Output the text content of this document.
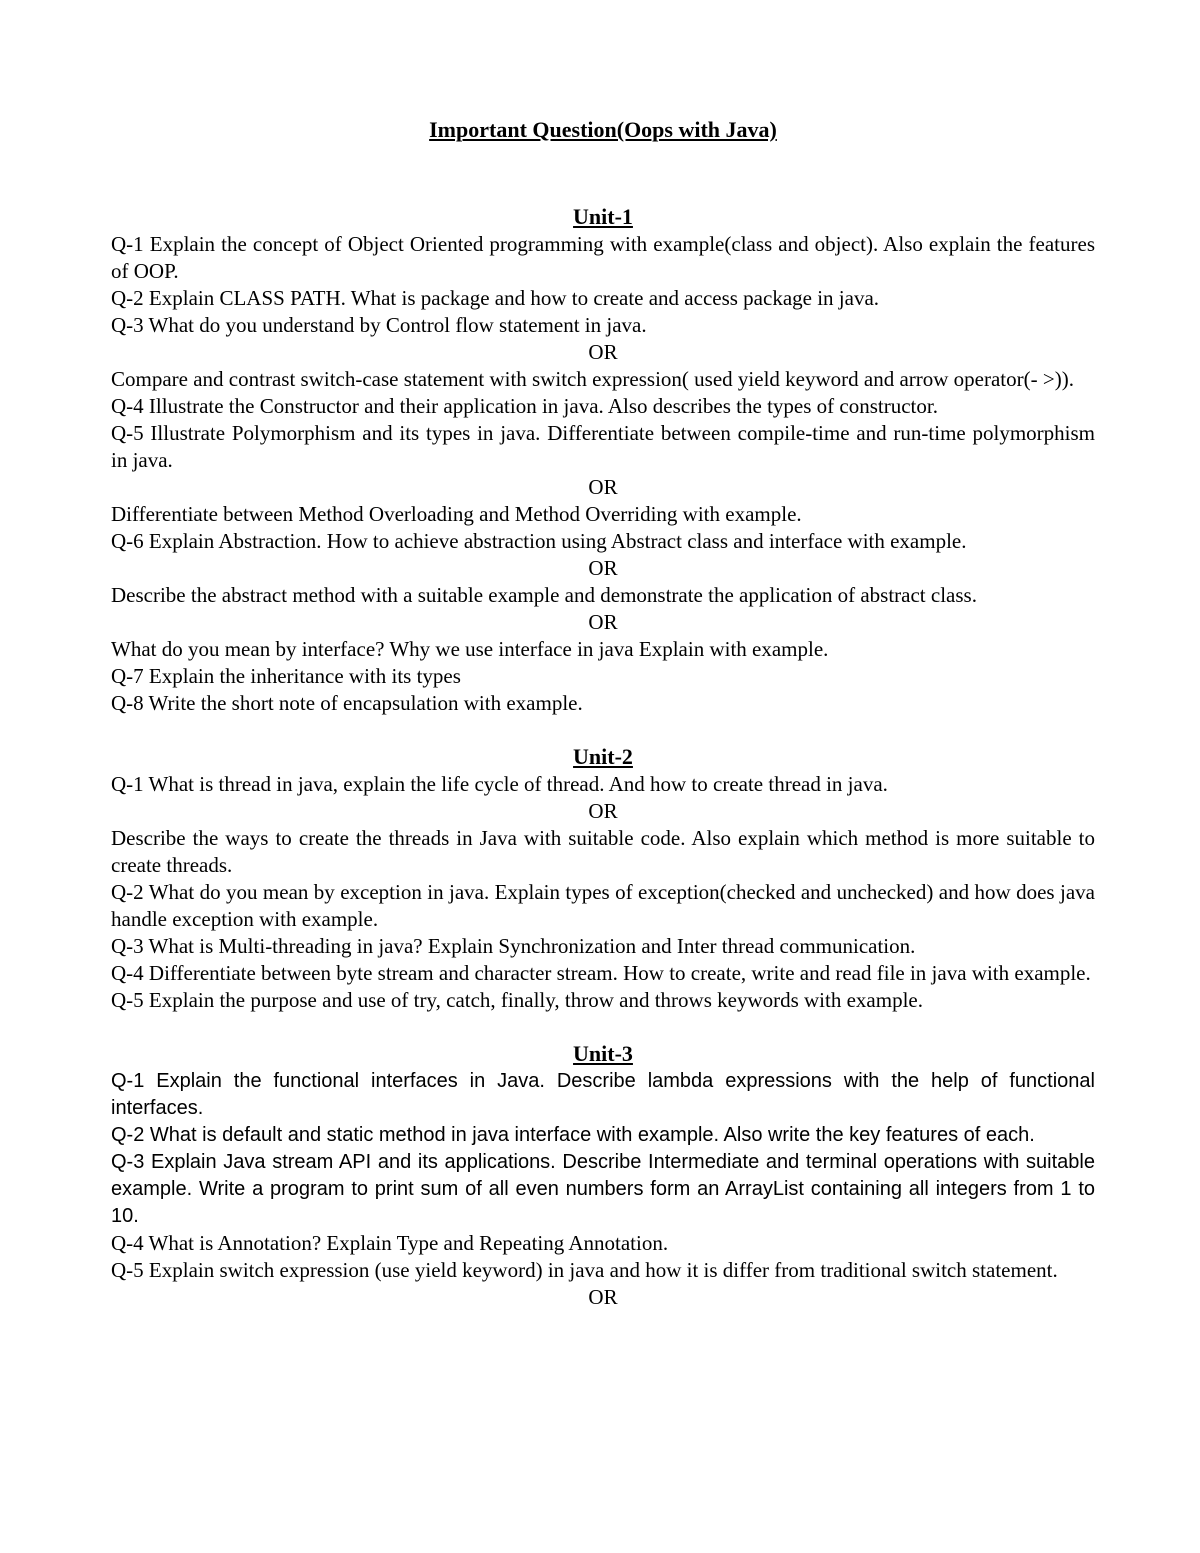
Important Question(Oops with Java)
Unit-1

Q-1 Explain the concept of Object Oriented programming with example(class and object). Also explain the features of OOP.

Q-2 Explain CLASS PATH. What is package and how to create and access package in java.

Q-3 What do you understand by Control flow statement in java.

OR

Compare and contrast switch-case statement with switch expression( used yield keyword and arrow operator(- >)).

Q-4 Illustrate the Constructor and their application in java. Also describes the types of constructor.

Q-5 Illustrate Polymorphism and its types in java. Differentiate between compile-time and run-time polymorphism in java.

OR

Differentiate between Method Overloading and Method Overriding with example.

Q-6 Explain Abstraction. How to achieve abstraction using Abstract class and interface with example.

OR

Describe the abstract method with a suitable example and demonstrate the application of abstract class.

OR

What do you mean by interface? Why we use interface in java Explain with example.

Q-7 Explain the inheritance with its types

Q-8 Write the short note of encapsulation with example.

Unit-2

Q-1 What is thread in java, explain the life cycle of thread. And how to create thread in java.

OR

Describe the ways to create the threads in Java with suitable code. Also explain which method is more suitable to create threads.

Q-2 What do you mean by exception in java. Explain types of exception(checked and unchecked) and how does java handle exception with example.

Q-3 What is Multi-threading in java? Explain Synchronization and Inter thread communication.

Q-4 Differentiate between byte stream and character stream. How to create, write and read file in java with example.

Q-5 Explain the purpose and use of try, catch, finally, throw and throws keywords with example.

Unit-3

Q-1 Explain the functional interfaces in Java. Describe lambda expressions with the help of functional interfaces.

Q-2 What is default and static method in java interface with example. Also write the key features of each.

Q-3 Explain Java stream API and its applications. Describe Intermediate and terminal operations with suitable example. Write a program to print sum of all even numbers form an ArrayList containing all integers from 1 to 10.

Q-4 What is Annotation? Explain Type and Repeating Annotation.

Q-5 Explain switch expression (use yield keyword) in java and how it is differ from traditional switch statement.

OR
